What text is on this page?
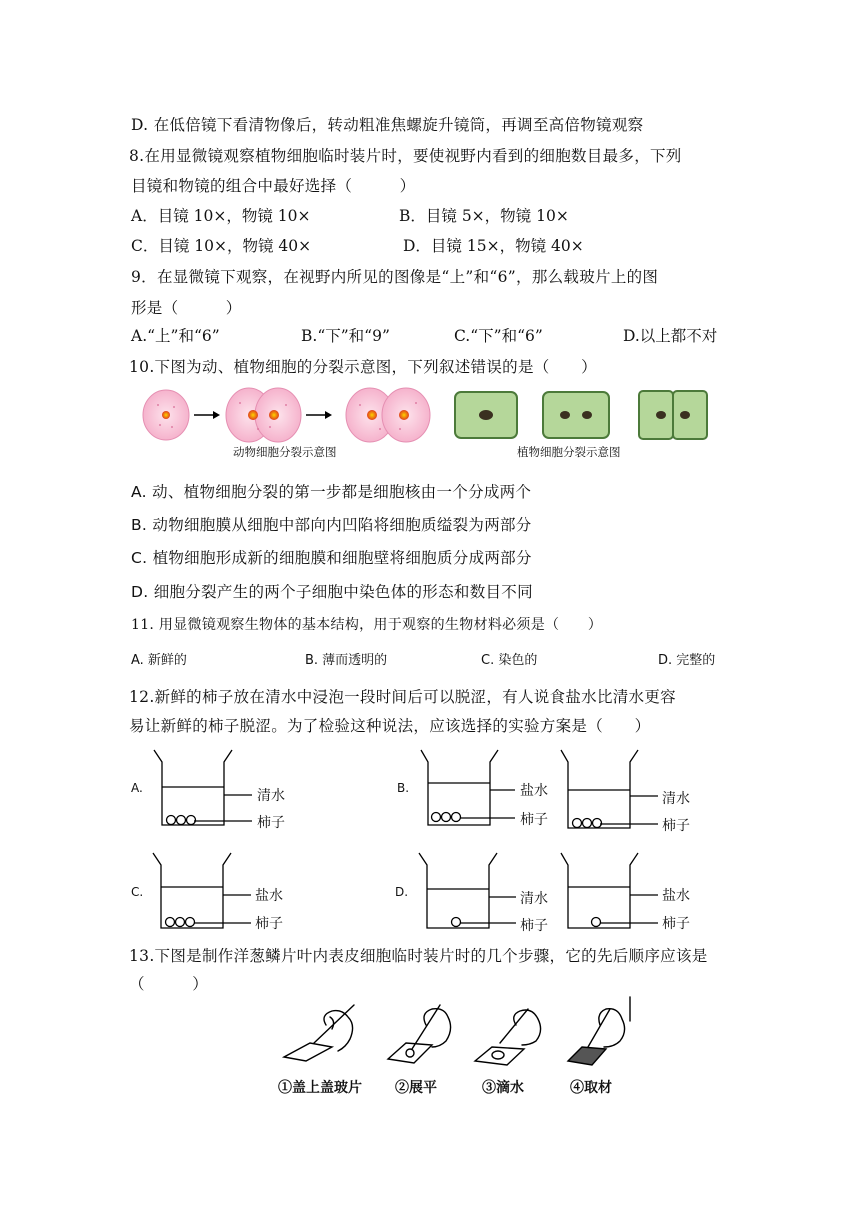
D. 在低倍镜下看清物像后，转动粗准焦螺旋升镜筒，再调至高倍物镜观察
8.在用显微镜观察植物细胞临时装片时，要使视野内看到的细胞数目最多，下列
目镜和物镜的组合中最好选择（　　　）
A．目镜 10×，物镜 10×	B．目镜 5×，物镜 10×
C．目镜 10×，物镜 40×	D．目镜 15×，物镜 40×
9．在显微镜下观察，在视野内所见的图像是“上”和“6”，那么载玻片上的图
形是（　　　）
A.“上”和“6”	B.“下”和“9”	C.“下”和“6”	D.以上都不对
10.下图为动、植物细胞的分裂示意图，下列叙述错误的是（　　）
动物细胞分裂示意图	植物细胞分裂示意图
A. 动、植物细胞分裂的第一步都是细胞核由一个分成两个
B. 动物细胞膜从细胞中部向内凹陷将细胞质缢裂为两部分
C. 植物细胞形成新的细胞膜和细胞壁将细胞质分成两部分
D. 细胞分裂产生的两个子细胞中染色体的形态和数目不同
11. 用显微镜观察生物体的基本结构，用于观察的生物材料必须是（　　）
A. 新鲜的	B. 薄而透明的	C. 染色的	D. 完整的
12.新鲜的柿子放在清水中浸泡一段时间后可以脱涩，有人说食盐水比清水更容
易让新鲜的柿子脱涩。为了检验这种说法，应该选择的实验方案是（　　）
A.	清水
柿子
B.	盐水
柿子
清水
柿子
C.	盐水
柿子
D.	清水
柿子
盐水
柿子
13.下图是制作洋葱鳞片叶内表皮细胞临时装片时的几个步骤，它的先后顺序应该是
（　　　）
①盖上盖玻片 ②展平	③滴水	④取材
